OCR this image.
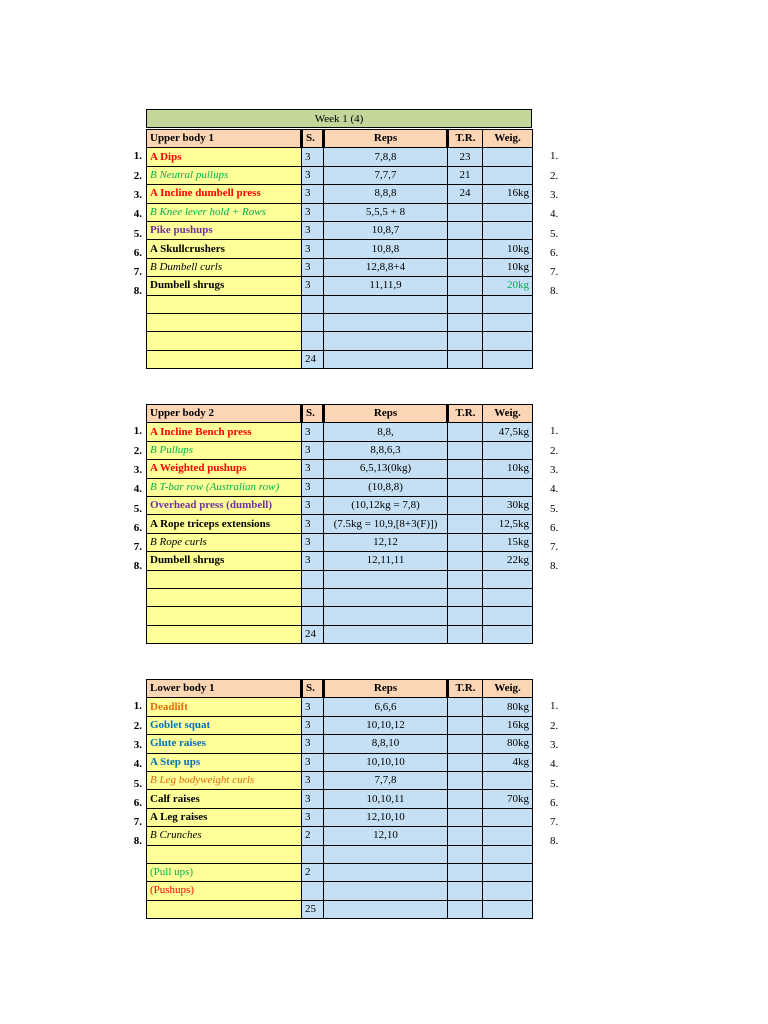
Week 1 (4)
1.
2.
3.
4.
5.
6.
7.
8.
Upper body 1	S.	Reps	T.R.	Weig.
A Dips	3	7,8,8	23	
B Neutral pullups	3	7,7,7	21	
A Incline dumbell press	3	8,8,8	24	16kg
B Knee lever hold + Rows	3	5,5,5 + 8		
Pike pushups	3	10,8,7		
A Skullcrushers	3	10,8,8		10kg
B Dumbell curls	3	12,8,8+4		10kg
Dumbell shrugs	3	11,11,9		20kg

	24			
1.
2.
3.
4.
5.
6.
7.
8.
1.
2.
3.
4.
5.
6.
7.
8.
Upper body 2	S.	Reps	T.R.	Weig.
A Incline Bench press	3	8,8,		47,5kg
B Pullups	3	8,8,6,3		
A Weighted pushups	3	6,5,13(0kg)		10kg
B T-bar row (Australian row)	3	(10,8,8)		
Overhead press (dumbell)	3	(10,12kg = 7,8)		30kg
A Rope triceps extensions	3	(7.5kg = 10,9,[8+3(F)])		12,5kg
B Rope curls	3	12,12		15kg
Dumbell shrugs	3	12,11,11		22kg

	24			
1.
2.
3.
4.
5.
6.
7.
8.
1.
2.
3.
4.
5.
6.
7.
8.
Lower body 1	S.	Reps	T.R.	Weig.
Deadlift	3	6,6,6		80kg
Goblet squat	3	10,10,12		16kg
Glute raises	3	8,8,10		80kg
A Step ups	3	10,10,10		4kg
B Leg bodyweight curls	3	7,7,8		
Calf raises	3	10,10,11		70kg
A Leg raises	3	12,10,10		
B Crunches	2	12,10		

(Pull ups)	2			
(Pushups)				
	25			
1.
2.
3.
4.
5.
6.
7.
8.
